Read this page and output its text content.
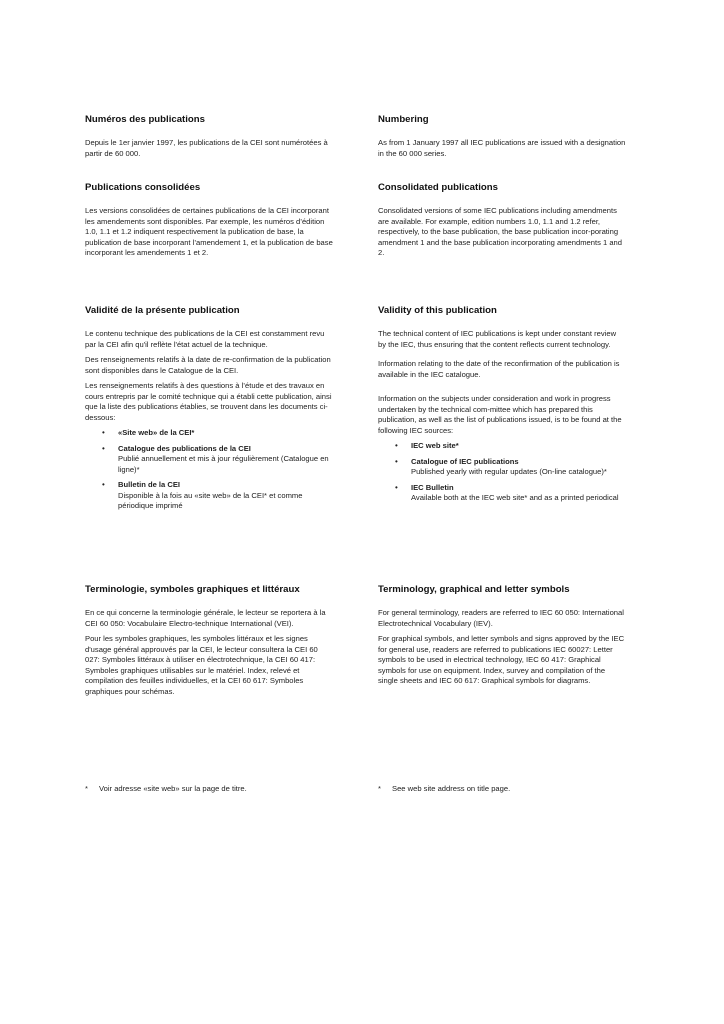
Numéros des publications

Depuis le 1er janvier 1997, les publications de la CEI sont numérotées à partir de 60 000.

Publications consolidées

Les versions consolidées de certaines publications de la CEI incorporant les amendements sont disponibles. Par exemple, les numéros d’édition 1.0, 1.1 et 1.2 indiquent respectivement la publication de base, la publication de base incorporant l’amendement 1, et la publication de base incorporant les amendements 1 et 2.

Validité de la présente publication

Le contenu technique des publications de la CEI est constamment revu par la CEI afin qu'il reflète l'état actuel de la technique.

Des renseignements relatifs à la date de re-confirmation de la publication sont disponibles dans le Catalogue de la CEI.

Les renseignements relatifs à des questions à l’étude et des travaux en cours entrepris par le comité technique qui a établi cette publication, ainsi que la liste des publications établies, se trouvent dans les documents ci-dessous:

• «Site web» de la CEI*
• Catalogue des publications de la CEI
Publié annuellement et mis à jour régulièrement (Catalogue en ligne)*
• Bulletin de la CEI
Disponible à la fois au «site web» de la CEI* et comme périodique imprimé
Terminologie, symboles graphiques et littéraux

En ce qui concerne la terminologie générale, le lecteur se reportera à la CEI 60 050: Vocabulaire Electro-technique International (VEI).

Pour les symboles graphiques, les symboles littéraux et les signes d'usage général approuvés par la CEI, le lecteur consultera la CEI 60 027: Symboles littéraux à utiliser en électrotechnique, la CEI 60 417: Symboles graphiques utilisables sur le matériel. Index, relevé et compilation des feuilles individuelles, et la CEI 60 617: Symboles graphiques pour schémas.

Numbering

As from 1 January 1997 all IEC publications are issued with a designation in the 60 000 series.

Consolidated publications

Consolidated versions of some IEC publications including amendments are available. For example, edition numbers 1.0, 1.1 and 1.2 refer, respectively, to the base publication, the base publication incor-porating amendment 1 and the base publication incorporating amendments 1 and 2.

Validity of this publication

The technical content of IEC publications is kept under constant review by the IEC, thus ensuring that the content reflects current technology.

Information relating to the date of the reconfirmation of the publication is available in the IEC catalogue.

Information on the subjects under consideration and work in progress undertaken by the technical com-mittee which has prepared this publication, as well as the list of publications issued, is to be found at the following IEC sources:

• IEC web site*
• Catalogue of IEC publications
Published yearly with regular updates (On-line catalogue)*
• IEC Bulletin
Available both at the IEC web site* and as a printed periodical
Terminology, graphical and letter symbols

For general terminology, readers are referred to IEC 60 050: International Electrotechnical Vocabulary (IEV).

For graphical symbols, and letter symbols and signs approved by the IEC for general use, readers are referred to publications IEC 60027: Letter symbols to be used in electrical technology, IEC 60 417: Graphical symbols for use on equipment. Index, survey and compilation of the single sheets and IEC 60 617: Graphical symbols for diagrams.

* Voir adresse «site web» sur la page de titre.	* See web site address on title page.
